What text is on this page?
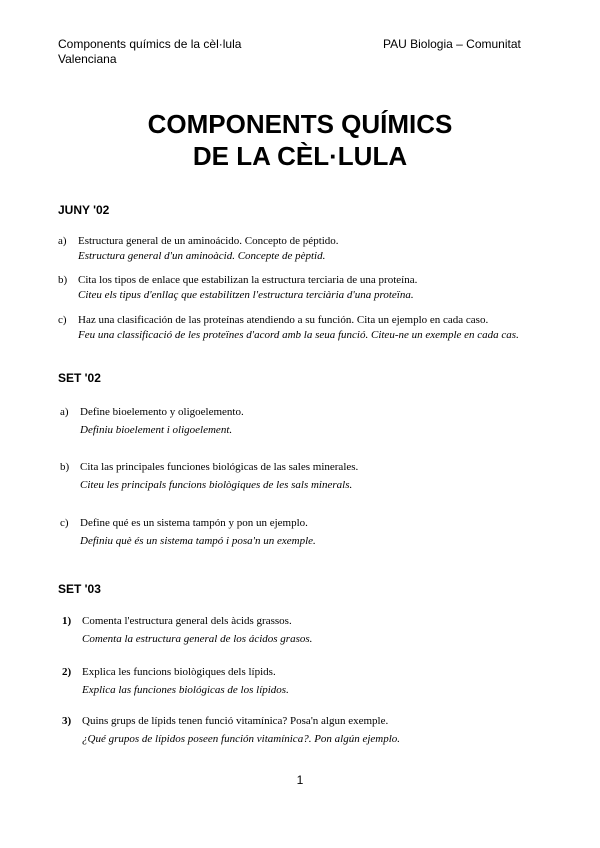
Components químics de la cèl·lula Valenciana
PAU Biologia – Comunitat
COMPONENTS QUÍMICS
DE LA CÈL·LULA
JUNY '02
a) Estructura general de un aminoácido. Concepto de péptido.
Estructura general d'un aminoàcid. Concepte de pèptid.
b) Cita los tipos de enlace que estabilizan la estructura terciaria de una proteína.
Citeu els tipus d'enllaç que estabilitzen l'estructura terciària d'una proteïna.
c) Haz una clasificación de las proteínas atendiendo a su función. Cita un ejemplo en cada caso.
Feu una classificació de les proteïnes d'acord amb la seua funció. Citeu-ne un exemple en cada cas.
SET '02
a) Define bioelemento y oligoelemento.
Definiu bioelement i oligoelement.
b) Cita las principales funciones biológicas de las sales minerales.
Citeu les principals funcions biològiques de les sals minerals.
c) Define qué es un sistema tampón y pon un ejemplo.
Definiu què és un sistema tampó i posa'n un exemple.
SET '03
1) Comenta l'estructura general dels àcids grassos.
Comenta la estructura general de los ácidos grasos.
2) Explica les funcions biològiques dels lípids.
Explica las funciones biológicas de los lípidos.
3) Quins grups de lípids tenen funció vitamínica? Posa'n algun exemple.
¿Qué grupos de lípidos poseen función vitamínica?. Pon algún ejemplo.
1
